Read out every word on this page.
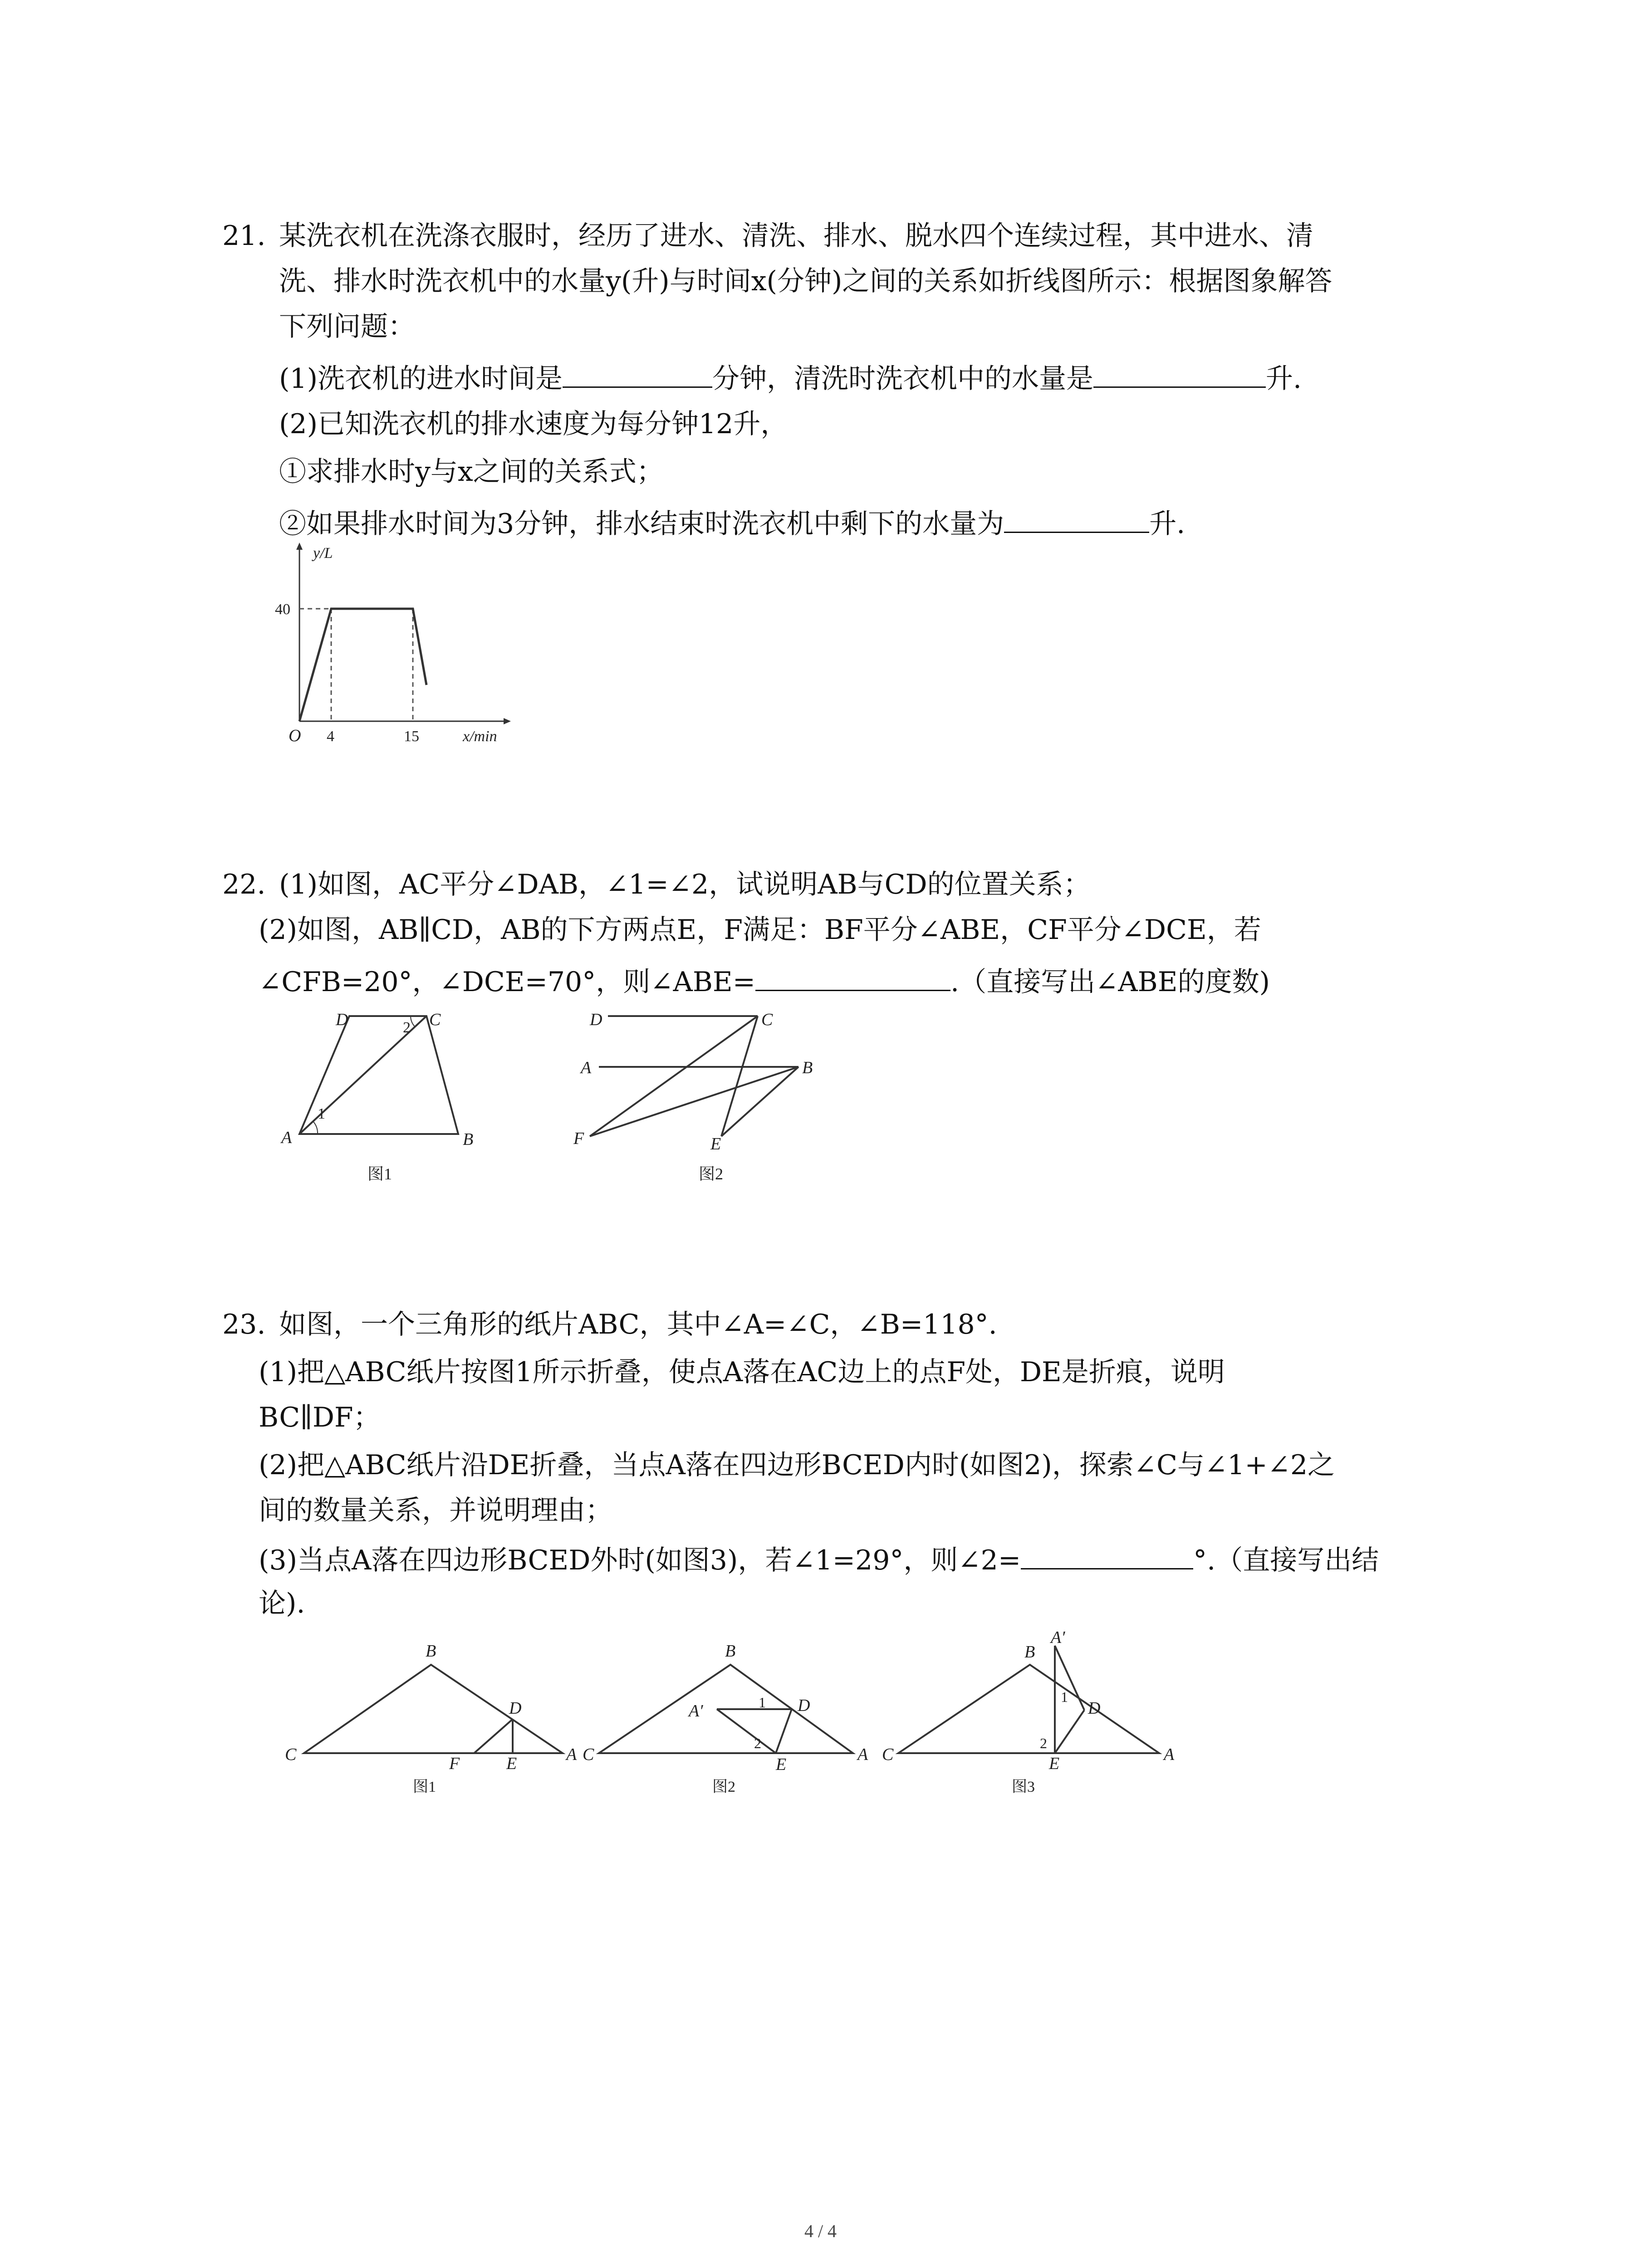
21. 某洗衣机在洗涤衣服时，经历了进水、清洗、排水、脱水四个连续过程，其中进水、清
洗、排水时洗衣机中的水量y(升)与时间x(分钟)之间的关系如折线图所示：根据图象解答
下列问题：
(1)洗衣机的进水时间是	分钟，清洗时洗衣机中的水量是	升.
(2)已知洗衣机的排水速度为每分钟12升，
①求排水时y与x之间的关系式；
②如果排水时间为3分钟，排水结束时洗衣机中剩下的水量为	升.
y/L
x/min
O
40
4	15
22. (1)如图，AC平分∠DAB，∠1=∠2，试说明AB与CD的位置关系；
(2)如图，AB∥CD，AB的下方两点E，F满足：BF平分∠ABE，CF平分∠DCE，若
∠CFB=20°，∠DCE=70°，则∠ABE=	.（直接写出∠ABE的度数)
D	C
A	B
1
2
图1
D	C
A	B
F	E
图2
23. 如图，一个三角形的纸片ABC，其中∠A=∠C，∠B=118°.
(1)把△ABC纸片按图1所示折叠，使点A落在AC边上的点F处，DE是折痕，说明
BC∥DF；
(2)把△ABC纸片沿DE折叠，当点A落在四边形BCED内时(如图2)，探索∠C与∠1+∠2之
间的数量关系，并说明理由；
(3)当点A落在四边形BCED外时(如图3)，若∠1=29°，则∠2=	°.（直接写出结
论).
B
C
D
F	E	A
图1
B
C
D
A′
E
A
1
2
图2
B
C
D
A′
E	A
1
2
图3
4 / 4
